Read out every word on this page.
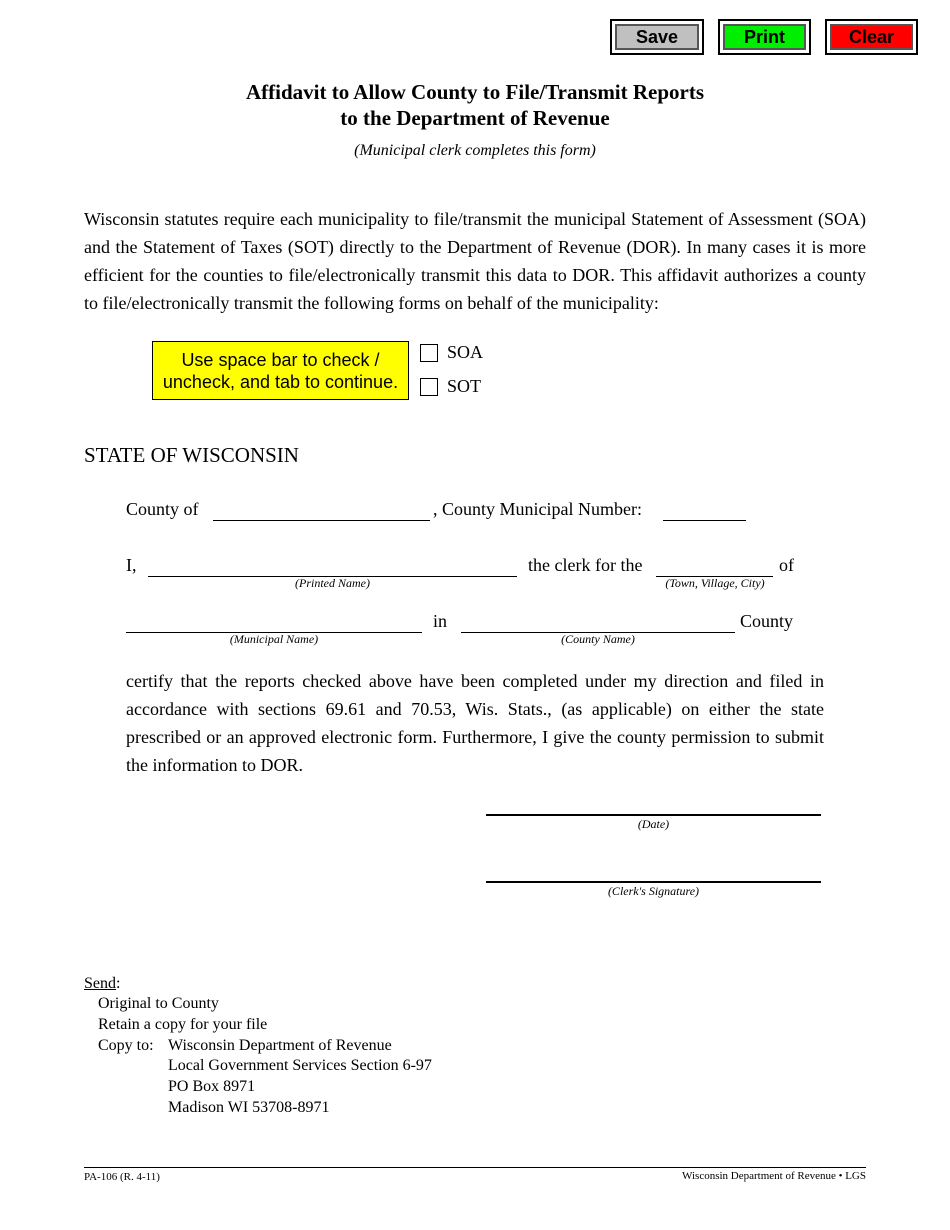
Save	Print	Clear
Affidavit to Allow County to File/Transmit Reports
to the Department of Revenue
(Municipal clerk completes this form)
Wisconsin statutes require each municipality to file/transmit the municipal Statement of Assessment (SOA) and the Statement of Taxes (SOT) directly to the Department of Revenue (DOR). In many cases it is more efficient for the counties to file/electronically transmit this data to DOR. This affidavit authorizes a county to file/electronically transmit the following forms on behalf of the municipality:
Use space bar to check / uncheck, and tab to continue.
SOA
SOT
STATE OF WISCONSIN
County of	, County Municipal Number:
I,
(Printed Name)
the clerk for the
(Town, Village, City)
of
(Municipal Name)
in
(County Name)
County
certify that the reports checked above have been completed under my direction and filed in accordance with sections 69.61 and 70.53, Wis. Stats., (as applicable) on either the state prescribed or an approved electronic form. Furthermore, I give the county permission to submit the information to DOR.
(Date)
(Clerk's Signature)
Send:
Original to County
Retain a copy for your file
Copy to: Wisconsin Department of Revenue
Local Government Services Section 6-97
PO Box 8971
Madison WI 53708-8971
PA-106 (R. 4-11)	Wisconsin Department of Revenue • LGS
